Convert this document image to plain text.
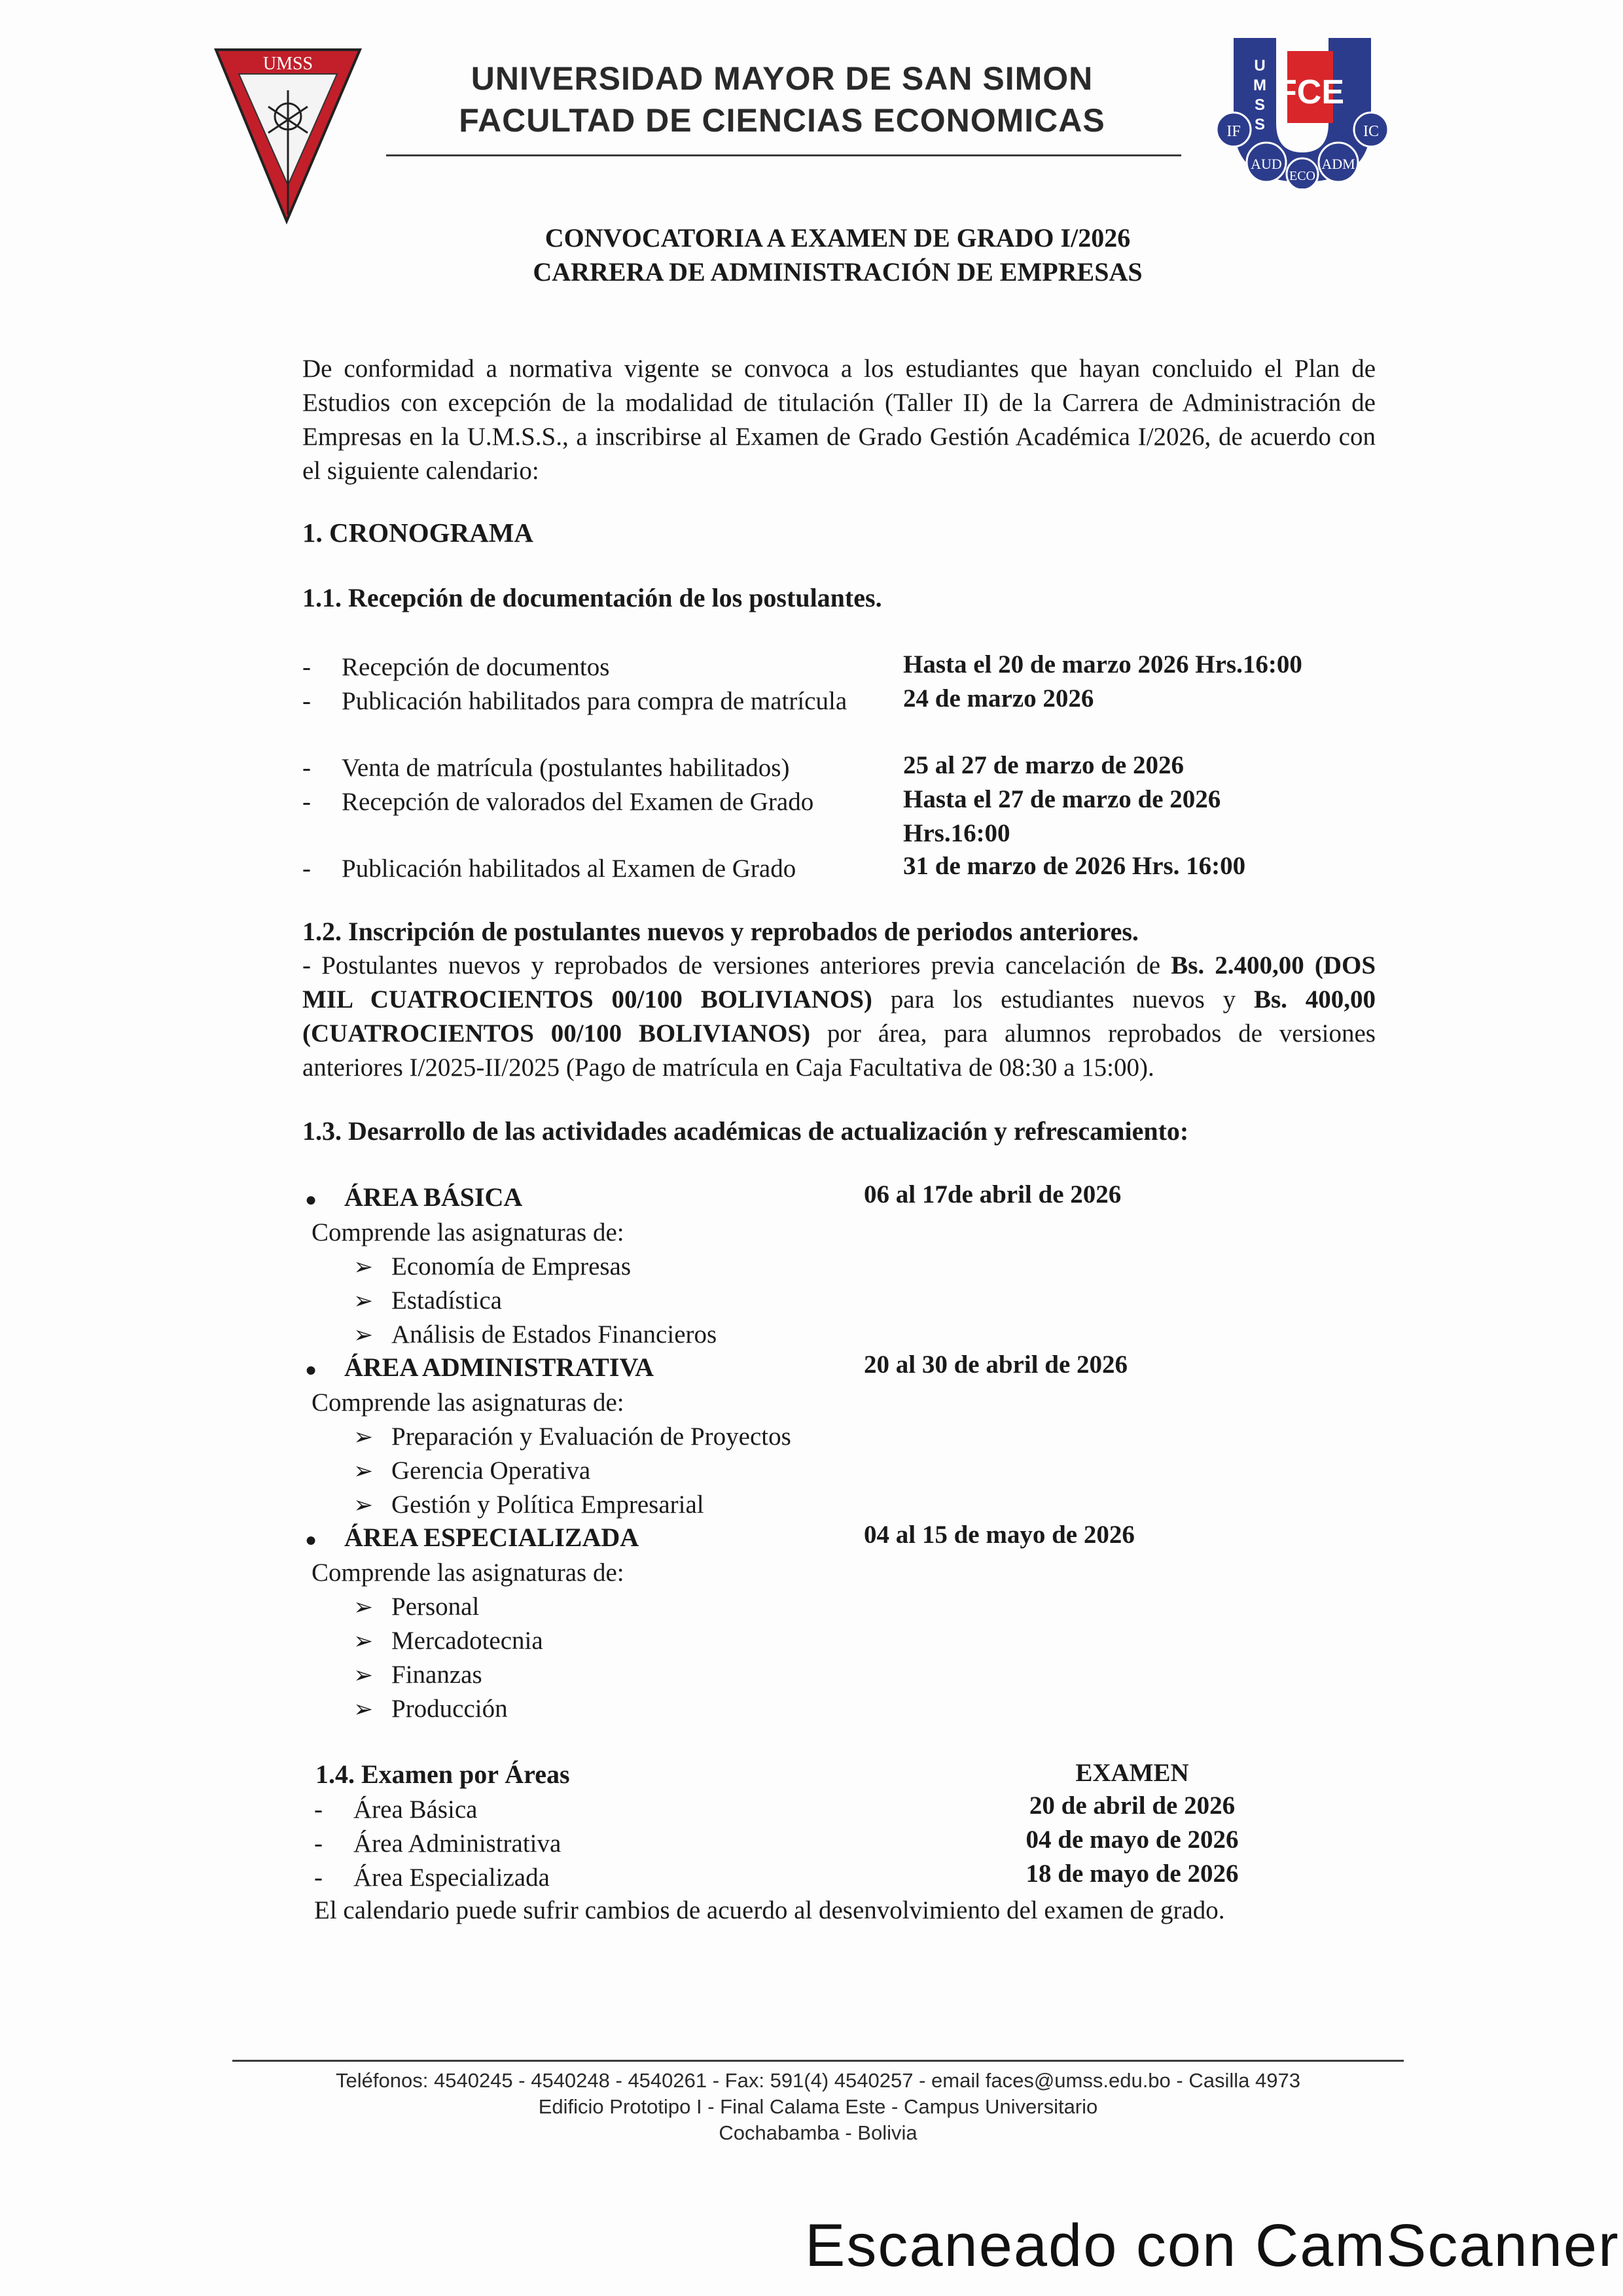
UMSS	UNIVERSIDAD MAYOR DE SAN SIMON
FACULTAD DE CIENCIAS ECONOMICAS
U
M
S
S
FCE
IF	IC
AUD	ADM
ECO
CONVOCATORIA A EXAMEN DE GRADO I/2026
CARRERA DE ADMINISTRACIÓN DE EMPRESAS
De conformidad a normativa vigente se convoca a los estudiantes que hayan concluido el Plan de Estudios con excepción de la modalidad de titulación (Taller II) de la Carrera de Administración de Empresas en la U.M.S.S., a inscribirse al Examen de Grado Gestión Académica I/2026, de acuerdo con el siguiente calendario:
1. CRONOGRAMA
1.1. Recepción de documentación de los postulantes.
- Recepción de documentos	Hasta el 20 de marzo 2026 Hrs.16:00
- Publicación habilitados para compra de matrícula	24 de marzo 2026
- Venta de matrícula (postulantes habilitados)	25 al 27 de marzo de 2026
- Recepción de valorados del Examen de Grado	Hasta el 27 de marzo de 2026 Hrs.16:00
- Publicación habilitados al Examen de Grado	31 de marzo de 2026 Hrs. 16:00
1.2. Inscripción de postulantes nuevos y reprobados de periodos anteriores.
- Postulantes nuevos y reprobados de versiones anteriores previa cancelación de Bs. 2.400,00 (DOS MIL CUATROCIENTOS 00/100 BOLIVIANOS) para los estudiantes nuevos y Bs. 400,00 (CUATROCIENTOS 00/100 BOLIVIANOS) por área, para alumnos reprobados de versiones anteriores I/2025-II/2025 (Pago de matrícula en Caja Facultativa de 08:30 a 15:00).
1.3. Desarrollo de las actividades académicas de actualización y refrescamiento:
● ÁREA BÁSICA	06 al 17de abril de 2026
Comprende las asignaturas de:
➢ Economía de Empresas
➢ Estadística
➢ Análisis de Estados Financieros
● ÁREA ADMINISTRATIVA	20 al 30 de abril de 2026
Comprende las asignaturas de:
➢ Preparación y Evaluación de Proyectos
➢ Gerencia Operativa
➢ Gestión y Política Empresarial
● ÁREA ESPECIALIZADA	04 al 15 de mayo de 2026
Comprende las asignaturas de:
➢ Personal
➢ Mercadotecnia
➢ Finanzas
➢ Producción
1.4. Examen por Áreas	EXAMEN
- Área Básica	20 de abril de 2026
- Área Administrativa	04 de mayo de 2026
- Área Especializada	18 de mayo de 2026
El calendario puede sufrir cambios de acuerdo al desenvolvimiento del examen de grado.
Teléfonos: 4540245 - 4540248 - 4540261 - Fax: 591(4) 4540257 - email faces@umss.edu.bo - Casilla 4973
Edificio Prototipo I - Final Calama Este - Campus Universitario
Cochabamba - Bolivia
Escaneado con CamScanner
